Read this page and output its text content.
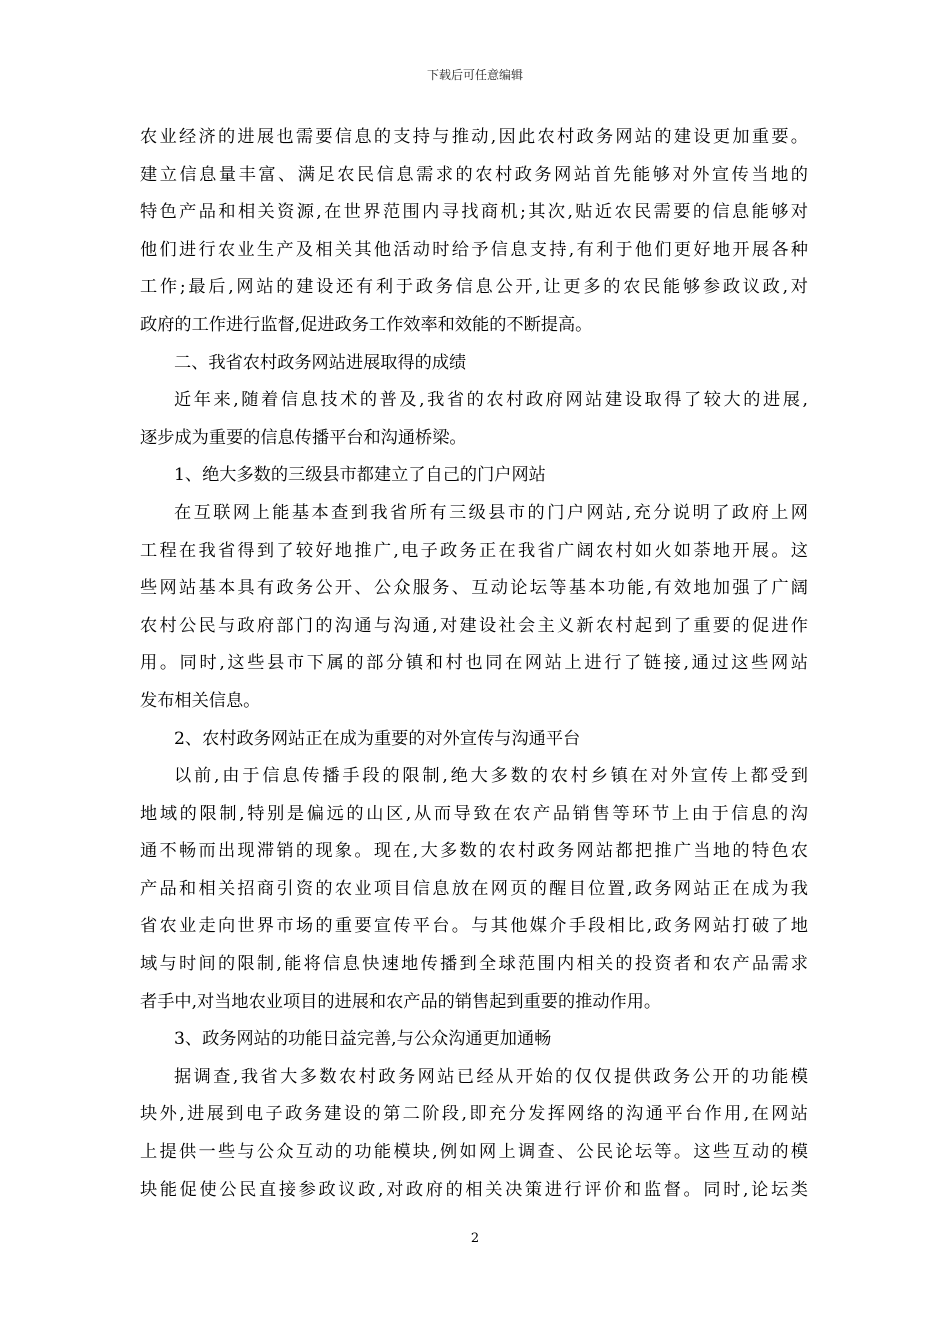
下载后可任意编辑
农业经济的进展也需要信息的支持与推动,因此农村政务网站的建设更加重要。
建立信息量丰富、满足农民信息需求的农村政务网站首先能够对外宣传当地的
特色产品和相关资源,在世界范围内寻找商机;其次,贴近农民需要的信息能够对
他们进行农业生产及相关其他活动时给予信息支持,有利于他们更好地开展各种
工作;最后,网站的建设还有利于政务信息公开,让更多的农民能够参政议政,对
政府的工作进行监督,促进政务工作效率和效能的不断提高。
二、我省农村政务网站进展取得的成绩
近年来,随着信息技术的普及,我省的农村政府网站建设取得了较大的进展,
逐步成为重要的信息传播平台和沟通桥梁。
1、绝大多数的三级县市都建立了自己的门户网站
在互联网上能基本查到我省所有三级县市的门户网站,充分说明了政府上网
工程在我省得到了较好地推广,电子政务正在我省广阔农村如火如荼地开展。这
些网站基本具有政务公开、公众服务、互动论坛等基本功能,有效地加强了广阔
农村公民与政府部门的沟通与沟通,对建设社会主义新农村起到了重要的促进作
用。同时,这些县市下属的部分镇和村也同在网站上进行了链接,通过这些网站
发布相关信息。
2、农村政务网站正在成为重要的对外宣传与沟通平台
以前,由于信息传播手段的限制,绝大多数的农村乡镇在对外宣传上都受到
地域的限制,特别是偏远的山区,从而导致在农产品销售等环节上由于信息的沟
通不畅而出现滞销的现象。现在,大多数的农村政务网站都把推广当地的特色农
产品和相关招商引资的农业项目信息放在网页的醒目位置,政务网站正在成为我
省农业走向世界市场的重要宣传平台。与其他媒介手段相比,政务网站打破了地
域与时间的限制,能将信息快速地传播到全球范围内相关的投资者和农产品需求
者手中,对当地农业项目的进展和农产品的销售起到重要的推动作用。
3、政务网站的功能日益完善,与公众沟通更加通畅
据调查,我省大多数农村政务网站已经从开始的仅仅提供政务公开的功能模
块外,进展到电子政务建设的第二阶段,即充分发挥网络的沟通平台作用,在网站
上提供一些与公众互动的功能模块,例如网上调查、公民论坛等。这些互动的模
块能促使公民直接参政议政,对政府的相关决策进行评价和监督。同时,论坛类
2
